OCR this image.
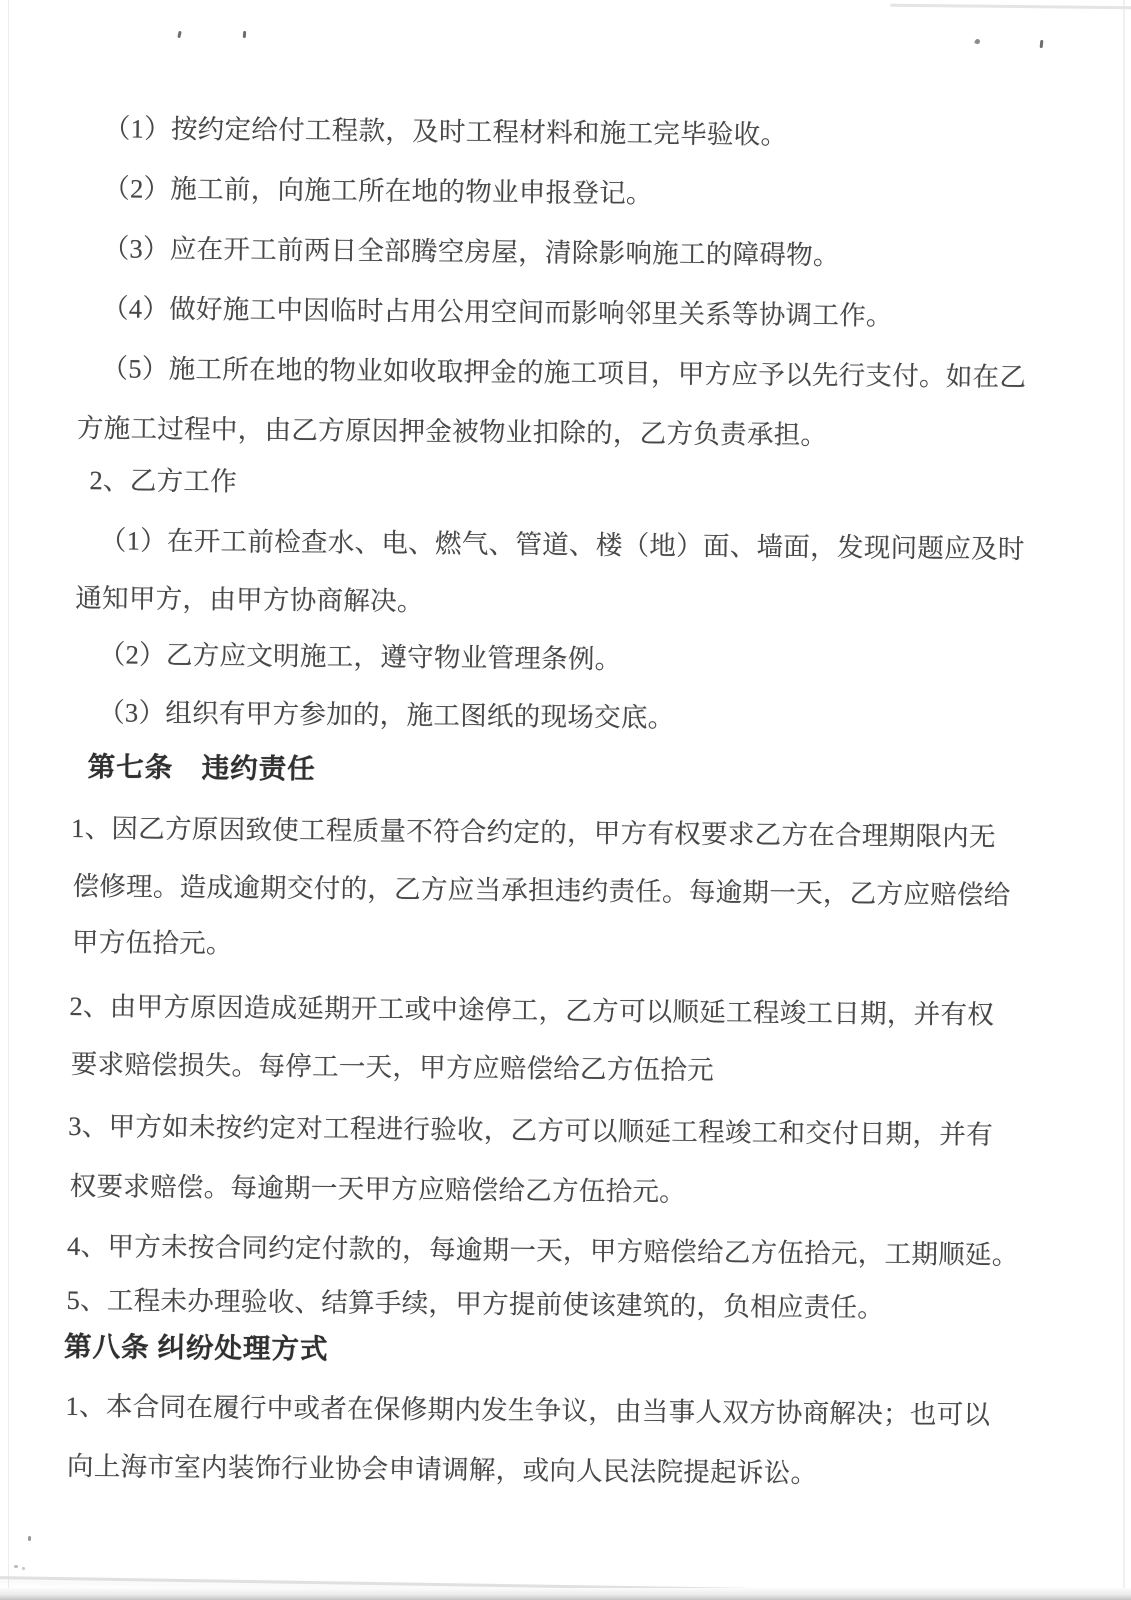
（1）按约定给付工程款，及时工程材料和施工完毕验收。
（2）施工前，向施工所在地的物业申报登记。
（3）应在开工前两日全部腾空房屋，清除影响施工的障碍物。
（4）做好施工中因临时占用公用空间而影响邻里关系等协调工作。
（5）施工所在地的物业如收取押金的施工项目，甲方应予以先行支付。如在乙
方施工过程中，由乙方原因押金被物业扣除的，乙方负责承担。
2、乙方工作
（1）在开工前检查水、电、燃气、管道、楼（地）面、墙面，发现问题应及时
通知甲方，由甲方协商解决。
（2）乙方应文明施工，遵守物业管理条例。
（3）组织有甲方参加的，施工图纸的现场交底。
第七条　违约责任
1、因乙方原因致使工程质量不符合约定的，甲方有权要求乙方在合理期限内无
偿修理。造成逾期交付的，乙方应当承担违约责任。每逾期一天，乙方应赔偿给
甲方伍拾元。
2、由甲方原因造成延期开工或中途停工，乙方可以顺延工程竣工日期，并有权
要求赔偿损失。每停工一天，甲方应赔偿给乙方伍拾元
3、甲方如未按约定对工程进行验收，乙方可以顺延工程竣工和交付日期，并有
权要求赔偿。每逾期一天甲方应赔偿给乙方伍拾元。
4、甲方未按合同约定付款的，每逾期一天，甲方赔偿给乙方伍拾元，工期顺延。
5、工程未办理验收、结算手续，甲方提前使该建筑的，负相应责任。
第八条 纠纷处理方式
1、本合同在履行中或者在保修期内发生争议，由当事人双方协商解决；也可以
向上海市室内装饰行业协会申请调解，或向人民法院提起诉讼。
